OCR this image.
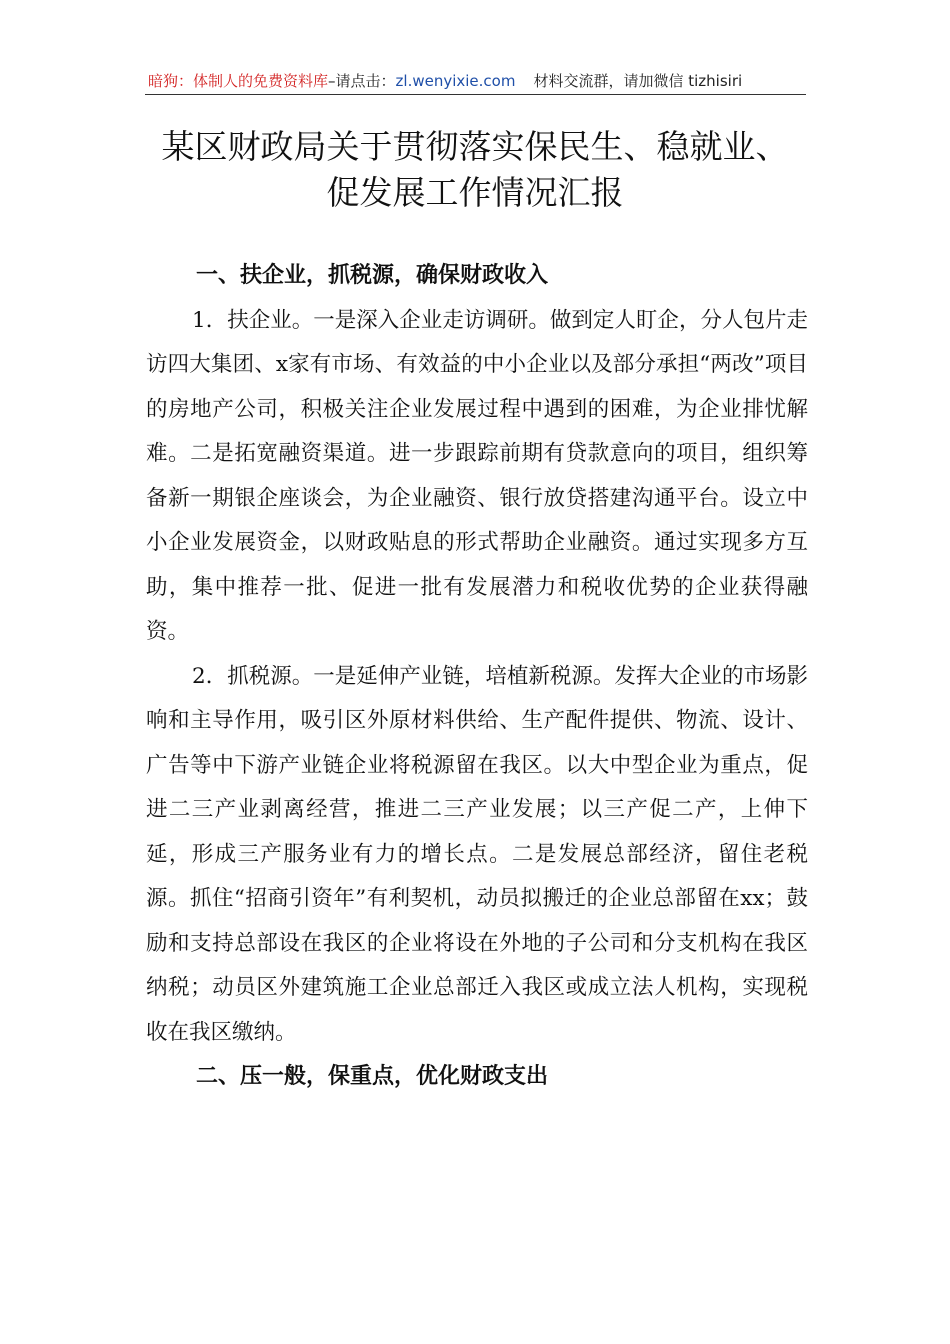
暗狗：体制人的免费资料库–请点击：zl.wenyixie.com 材料交流群，请加微信 tizhisiri
某区财政局关于贯彻落实保民生、稳就业、
促发展工作情况汇报

一、扶企业，抓税源，确保财政收入

1．扶企业。一是深入企业走访调研。做到定人盯企，分人包片走访四大集团、x家有市场、有效益的中小企业以及部分承担“两改”项目的房地产公司，积极关注企业发展过程中遇到的困难，为企业排忧解难。二是拓宽融资渠道。进一步跟踪前期有贷款意向的项目，组织筹备新一期银企座谈会，为企业融资、银行放贷搭建沟通平台。设立中小企业发展资金，以财政贴息的形式帮助企业融资。通过实现多方互助，集中推荐一批、促进一批有发展潜力和税收优势的企业获得融资。

2．抓税源。一是延伸产业链，培植新税源。发挥大企业的市场影响和主导作用，吸引区外原材料供给、生产配件提供、物流、设计、广告等中下游产业链企业将税源留在我区。以大中型企业为重点，促进二三产业剥离经营，推进二三产业发展；以三产促二产，上伸下延，形成三产服务业有力的增长点。二是发展总部经济，留住老税源。抓住“招商引资年”有利契机，动员拟搬迁的企业总部留在xx；鼓励和支持总部设在我区的企业将设在外地的子公司和分支机构在我区纳税；动员区外建筑施工企业总部迁入我区或成立法人机构，实现税收在我区缴纳。

二、压一般，保重点，优化财政支出
